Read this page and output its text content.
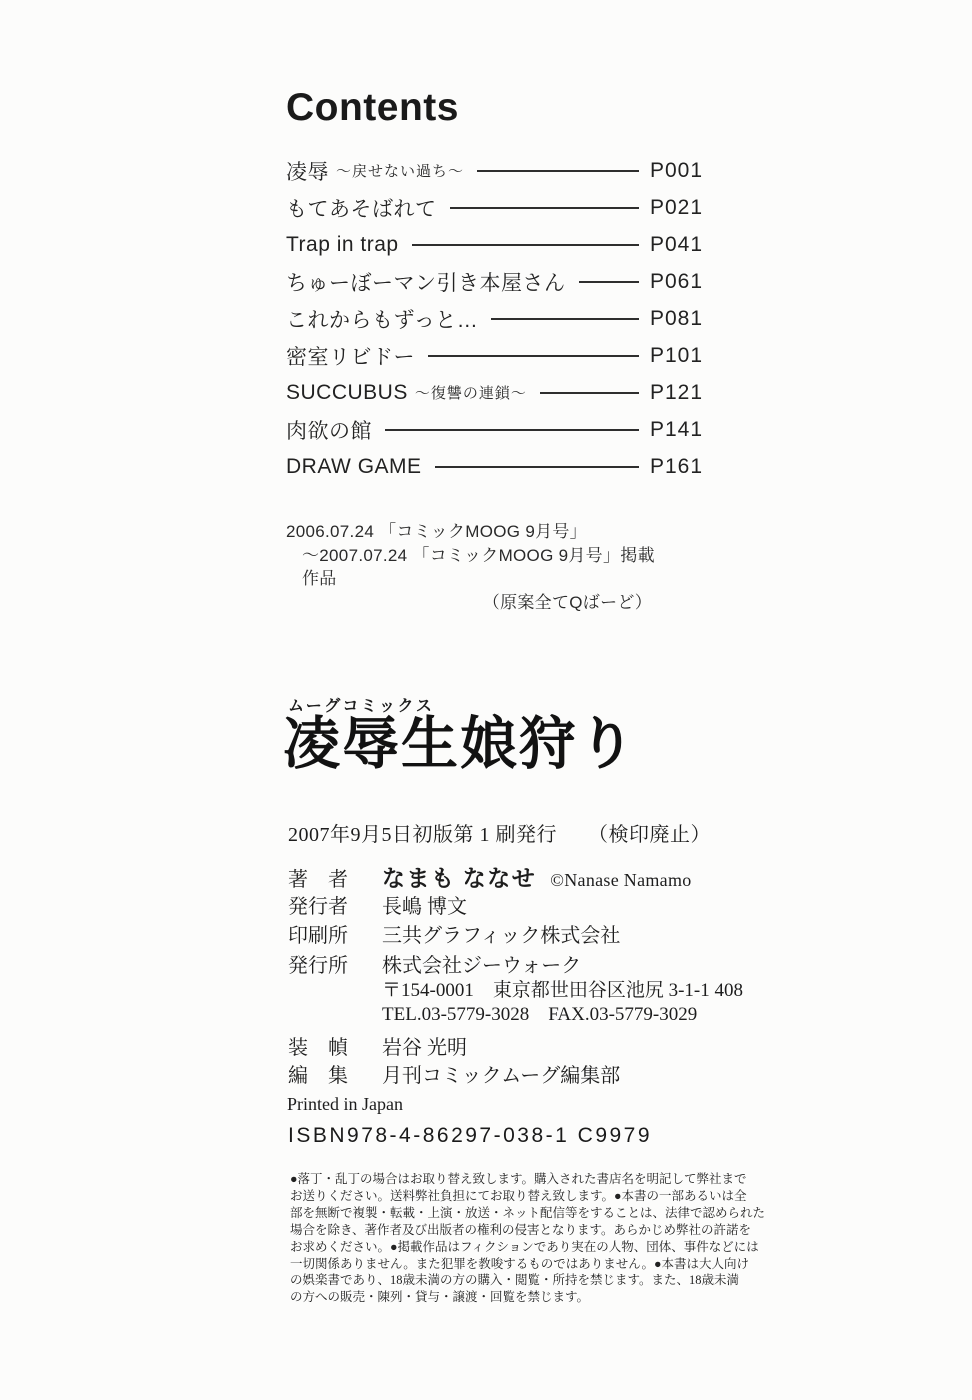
Contents
凌辱 ～戻せない過ち～	P001
もてあそばれて	P021
Trap in trap	P041
ちゅーぼーマン引き本屋さん	P061
これからもずっと…	P081
密室リビドー	P101
SUCCUBUS ～復讐の連鎖～	P121
肉欲の館	P141
DRAW GAME	P161
2006.07.24 「コミックMOOG 9月号」
～2007.07.24 「コミックMOOG 9月号」掲載作品
（原案全てQばーど）
ムーグコミックス
凌辱生娘狩り
2007年9月5日初版第 1 刷発行　　（検印廃止）
著　者	なまも ななせ ©Nanase Namamo
発行者	長嶋 博文
印刷所	三共グラフィック株式会社
発行所	株式会社ジーウォーク
〒154-0001　東京都世田谷区池尻 3-1-1 408
TEL.03-5779-3028　FAX.03-5779-3029
装　幀	岩谷 光明
編　集	月刊コミックムーグ編集部
Printed in Japan
ISBN978-4-86297-038-1 C9979
●落丁・乱丁の場合はお取り替え致します。購入された書店名を明記して弊社まで
お送りください。送料弊社負担にてお取り替え致します。●本書の一部あるいは全
部を無断で複製・転載・上演・放送・ネット配信等をすることは、法律で認められた
場合を除き、著作者及び出版者の権利の侵害となります。あらかじめ弊社の許諾を
お求めください。●掲載作品はフィクションであり実在の人物、団体、事件などには
一切関係ありません。また犯罪を教唆するものではありません。●本書は大人向け
の娯楽書であり、18歳未満の方の購入・閲覧・所持を禁じます。また、18歳未満
の方への販売・陳列・貸与・譲渡・回覧を禁じます。
